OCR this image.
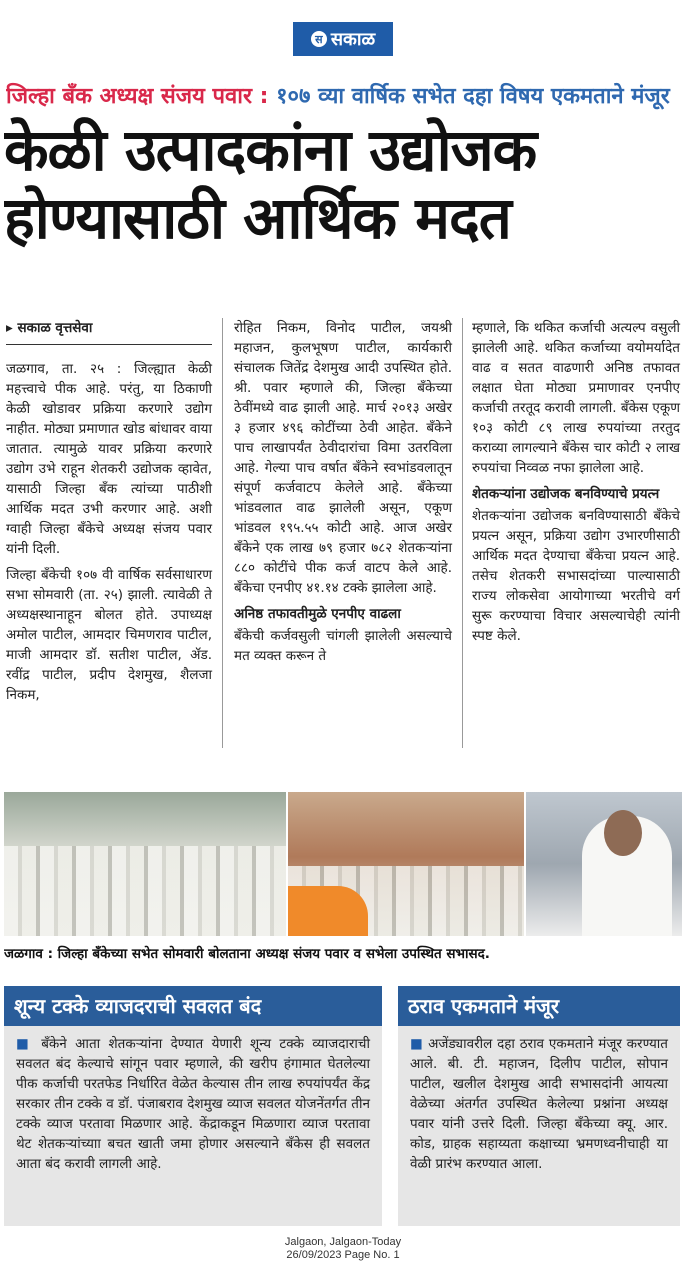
स सकाळ
जिल्हा बँक अध्यक्ष संजय पवार : १०७ व्या वार्षिक सभेत दहा विषय एकमताने मंजूर
केळी उत्पादकांना उद्योजक
होण्यासाठी आर्थिक मदत
▸ सकाळ वृत्तसेवा

जळगाव, ता. २५ : जिल्ह्यात केळी महत्त्वाचे पीक आहे. परंतु, या ठिकाणी केळी खोडावर प्रक्रिया करणारे उद्योग नाहीत. मोठ्या प्रमाणात खोड बांधावर वाया जातात. त्यामुळे यावर प्रक्रिया करणारे उद्योग उभे राहून शेतकरी उद्योजक व्हावेत, यासाठी जिल्हा बँक त्यांच्या पाठीशी आर्थिक मदत उभी करणार आहे. अशी ग्वाही जिल्हा बँकेचे अध्यक्ष संजय पवार यांनी दिली.

जिल्हा बँकेची १०७ वी वार्षिक सर्वसाधारण सभा सोमवारी (ता. २५) झाली. त्यावेळी ते अध्यक्षस्थानाहून बोलत होते. उपाध्यक्ष अमोल पाटील, आमदार चिमणराव पाटील, माजी आमदार डॉ. सतीश पाटील, ॲड. रवींद्र पाटील, प्रदीप देशमुख, शैलजा निकम,

रोहित निकम, विनोद पाटील, जयश्री महाजन, कुलभूषण पाटील, कार्यकारी संचालक जितेंद्र देशमुख आदी उपस्थित होते. श्री. पवार म्हणाले की, जिल्हा बँकेच्या ठेवींमध्ये वाढ झाली आहे. मार्च २०१३ अखेर ३ हजार ४९६ कोटींच्या ठेवी आहेत. बँकेने पाच लाखापर्यंत ठेवीदारांचा विमा उतरविला आहे. गेल्या पाच वर्षात बँकेने स्वभांडवलातून संपूर्ण कर्जवाटप केलेले आहे. बँकेच्या भांडवलात वाढ झालेली असून, एकूण भांडवल १९५.५५ कोटी आहे. आज अखेर बँकेने एक लाख ७९ हजार ७८२ शेतकऱ्यांना ८८० कोटींचे पीक कर्ज वाटप केले आहे. बँकेचा एनपीए ४१.१४ टक्के झालेला आहे.

अनिष्ठ तफावतीमुळे एनपीए वाढला

बँकेची कर्जवसुली चांगली झालेली असल्याचे मत व्यक्त करून ते

म्हणाले, कि थकित कर्जाची अत्यल्प वसुली झालेली आहे. थकित कर्जाच्या वयोमर्यादेत वाढ व सतत वाढणारी अनिष्ठ तफावत लक्षात घेता मोठ्या प्रमाणावर एनपीए कर्जाची तरतूद करावी लागली. बँकेस एकूण १०३ कोटी ८९ लाख रुपयांच्या तरतुद कराव्या लागल्याने बँकेस चार कोटी २ लाख रुपयांचा निव्वळ नफा झालेला आहे.

शेतकऱ्यांना उद्योजक बनविण्याचे प्रयत्न

शेतकऱ्यांना उद्योजक बनविण्यासाठी बँकेचे प्रयत्न असून, प्रक्रिया उद्योग उभारणीसाठी आर्थिक मदत देण्याचा बँकेचा प्रयत्न आहे. तसेच शेतकरी सभासदांच्या पाल्यासाठी राज्य लोकसेवा आयोगाच्या भरतीचे वर्ग सुरू करण्याचा विचार असल्याचेही त्यांनी स्पष्ट केले.

जळगाव : जिल्हा बँकेच्या सभेत सोमवारी बोलताना अध्यक्ष संजय पवार व सभेला उपस्थित सभासद.
शून्य टक्के व्याजदराची सवलत बंद
■ बँकेने आता शेतकऱ्यांना देण्यात येणारी शून्य टक्के व्याजदाराची सवलत बंद केल्याचे सांगून पवार म्हणाले, की खरीप हंगामात घेतलेल्या पीक कर्जाची परतफेड निर्धारित वेळेत केल्यास तीन लाख रुपयांपर्यंत केंद्र सरकार तीन टक्के व डॉ. पंजाबराव देशमुख व्याज सवलत योजनेंतर्गत तीन टक्के व्याज परतावा मिळणार आहे. केंद्राकडून मिळणारा व्याज परतावा थेट शेतकऱ्यांच्याा बचत खाती जमा होणार असल्याने बँकेस ही सवलत आता बंद करावी लागली आहे.
ठराव एकमताने मंजूर
■ अजेंड्यावरील दहा ठराव एकमताने मंजूर करण्यात आले. बी. टी. महाजन, दिलीप पाटील, सोपान पाटील, खलील देशमुख आदी सभासदांनी आयत्या वेळेच्या अंतर्गत उपस्थित केलेल्या प्रश्नांना अध्यक्ष पवार यांनी उत्तरे दिली. जिल्हा बँकेच्या क्यू. आर. कोड, ग्राहक सहाय्यता कक्षाच्या भ्रमणध्वनीचाही या वेळी प्रारंभ करण्यात आला.
Jalgaon, Jalgaon-Today
26/09/2023 Page No. 1
